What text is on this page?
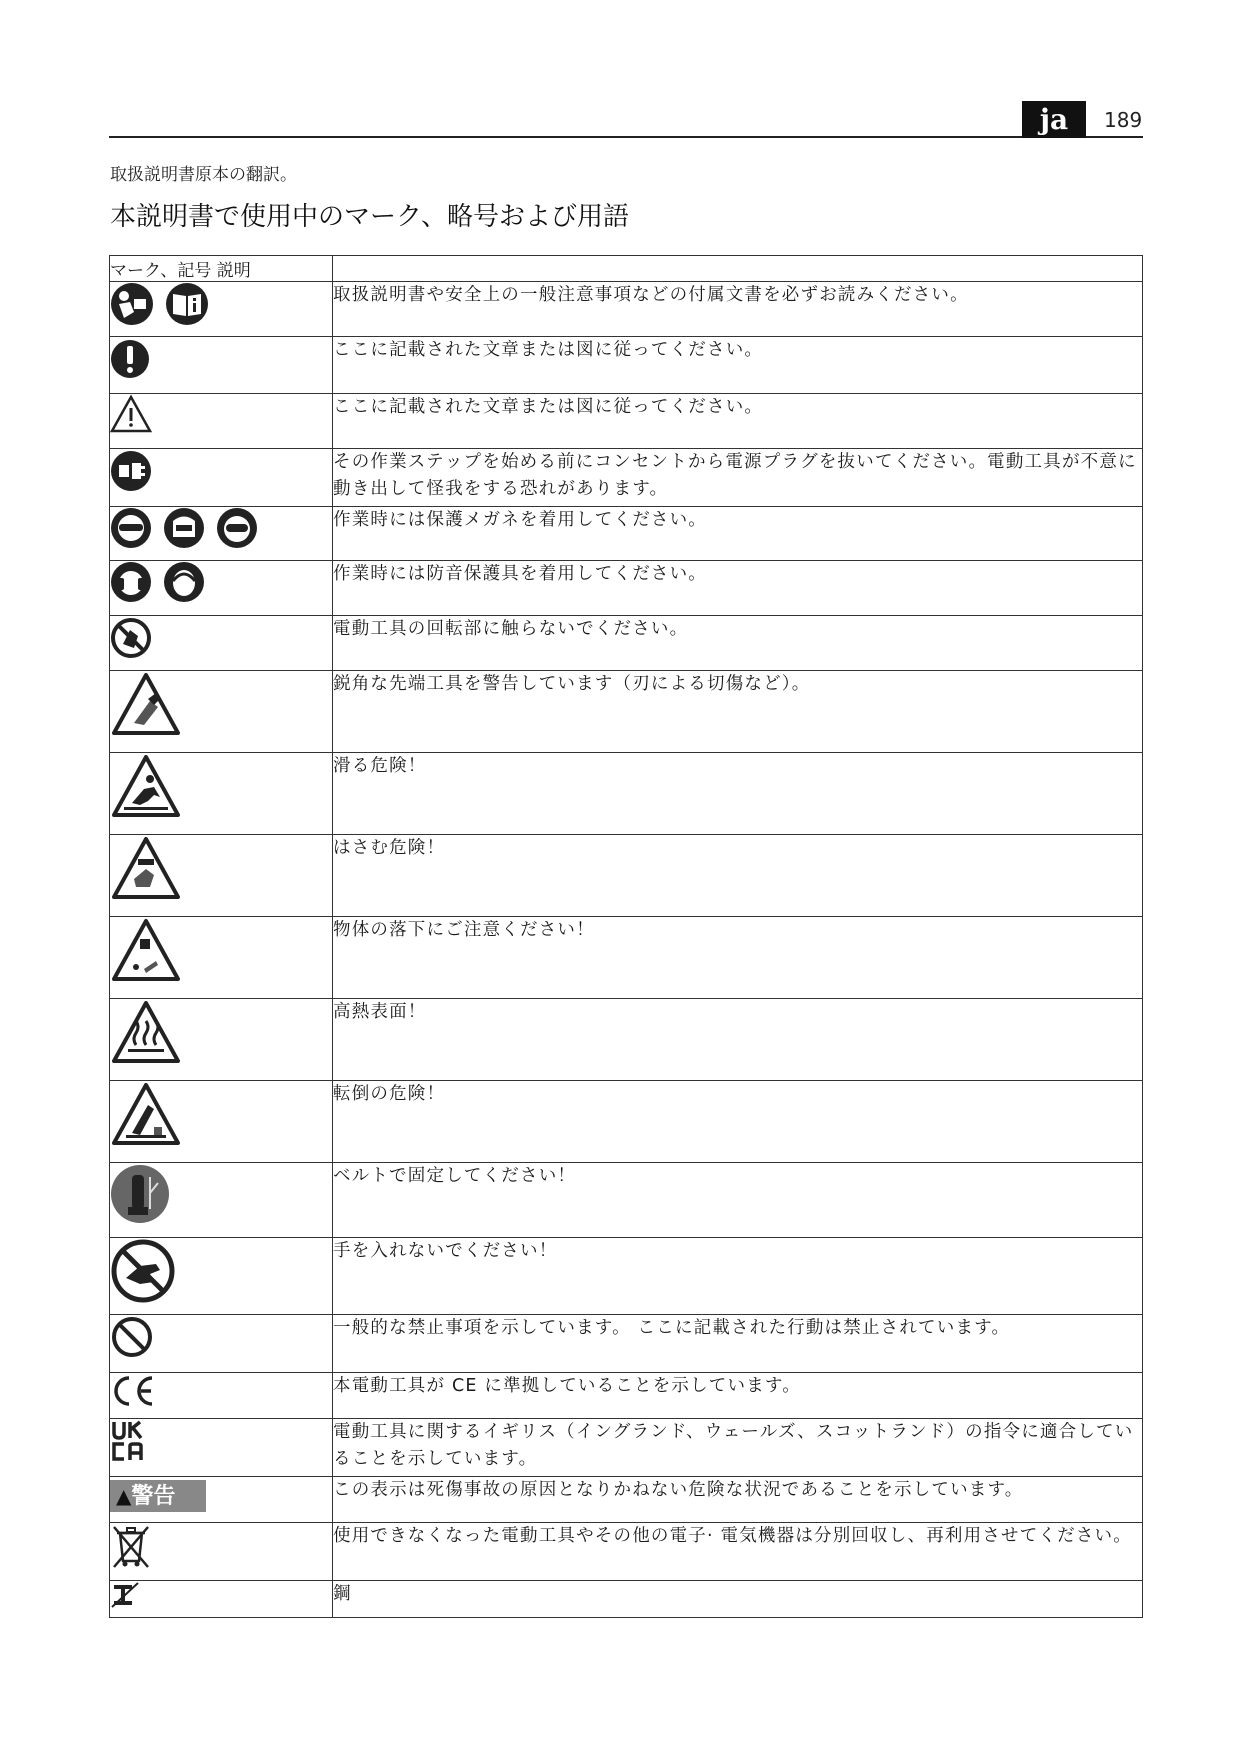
ja	189
取扱説明書原本の翻訳。
本説明書で使用中のマーク、略号および用語
マーク、記号 説明	
	取扱説明書や安全上の一般注意事項などの付属文書を必ずお読みください。
	ここに記載された文章または図に従ってください。
	ここに記載された文章または図に従ってください。
	その作業ステップを始める前にコンセントから電源プラグを抜いてください。電動工具が不意に動き出して怪我をする恐れがあります。
	作業時には保護メガネを着用してください。
	作業時には防音保護具を着用してください。
	電動工具の回転部に触らないでください。
	鋭角な先端工具を警告しています（刃による切傷など）。
	滑る危険！
	はさむ危険！
	物体の落下にご注意ください！
	高熱表面！
	転倒の危険！
	ベルトで固定してください！
	手を入れないでください！
	一般的な禁止事項を示しています。 ここに記載された行動は禁止されています。
	本電動工具が CE に準拠していることを示しています。
	電動工具に関するイギリス（イングランド、ウェールズ、スコットランド）の指令に適合していることを示しています。
▲警告	この表示は死傷事故の原因となりかねない危険な状況であることを示しています。
	使用できなくなった電動工具やその他の電子· 電気機器は分別回収し、再利用させてください。
	鋼
